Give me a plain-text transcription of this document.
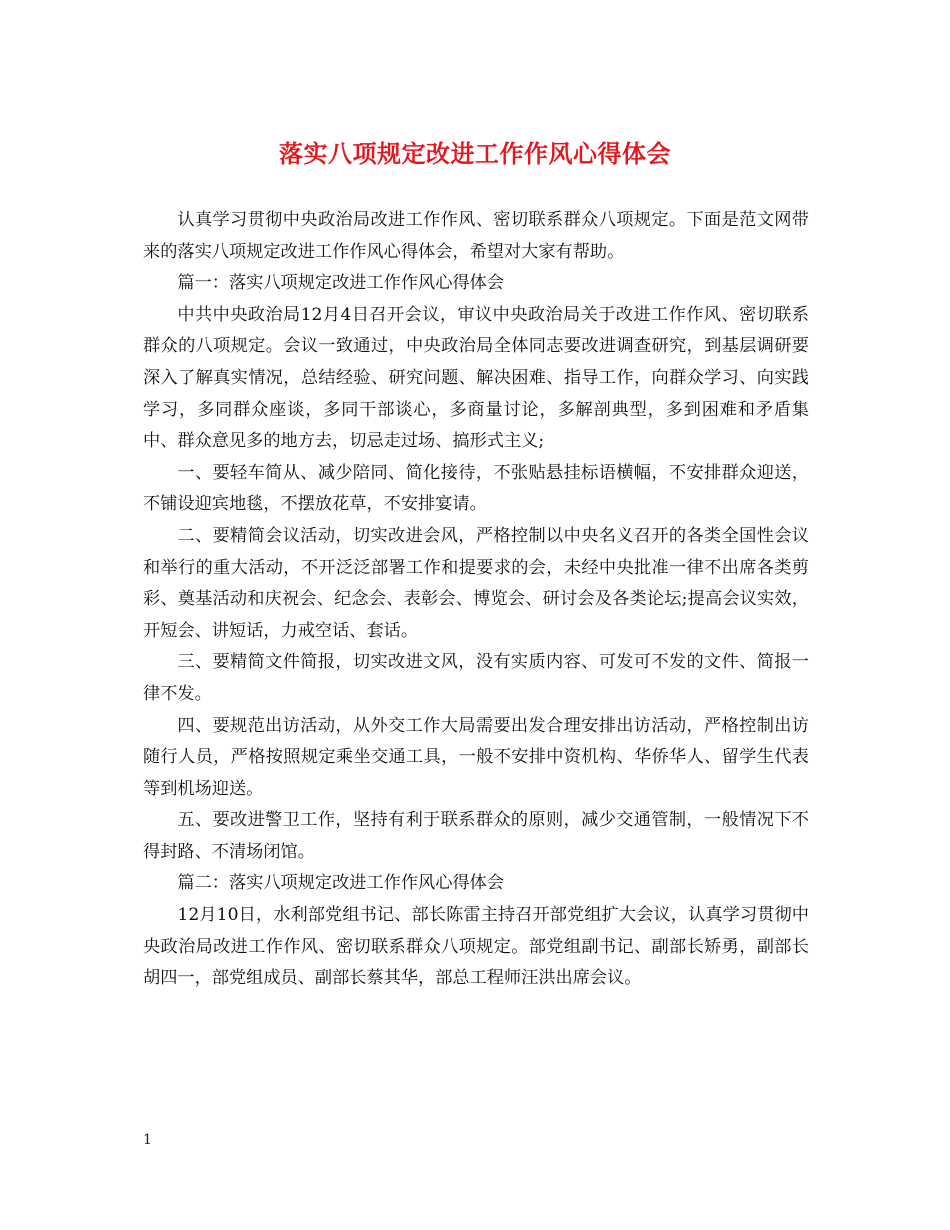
落实八项规定改进工作作风心得体会

认真学习贯彻中央政治局改进工作作风、密切联系群众八项规定。下面是范文网带来的落实八项规定改进工作作风心得体会，希望对大家有帮助。

篇一：落实八项规定改进工作作风心得体会

中共中央政治局12月4日召开会议，审议中央政治局关于改进工作作风、密切联系群众的八项规定。会议一致通过，中央政治局全体同志要改进调查研究，到基层调研要深入了解真实情况，总结经验、研究问题、解决困难、指导工作，向群众学习、向实践学习，多同群众座谈，多同干部谈心，多商量讨论，多解剖典型，多到困难和矛盾集中、群众意见多的地方去，切忌走过场、搞形式主义;

一、要轻车简从、减少陪同、简化接待，不张贴悬挂标语横幅，不安排群众迎送，不铺设迎宾地毯，不摆放花草，不安排宴请。

二、要精简会议活动，切实改进会风，严格控制以中央名义召开的各类全国性会议和举行的重大活动，不开泛泛部署工作和提要求的会，未经中央批准一律不出席各类剪彩、奠基活动和庆祝会、纪念会、表彰会、博览会、研讨会及各类论坛;提高会议实效，开短会、讲短话，力戒空话、套话。

三、要精简文件简报，切实改进文风，没有实质内容、可发可不发的文件、简报一律不发。

四、要规范出访活动，从外交工作大局需要出发合理安排出访活动，严格控制出访随行人员，严格按照规定乘坐交通工具，一般不安排中资机构、华侨华人、留学生代表等到机场迎送。

五、要改进警卫工作，坚持有利于联系群众的原则，减少交通管制，一般情况下不得封路、不清场闭馆。

篇二：落实八项规定改进工作作风心得体会

12月10日，水利部党组书记、部长陈雷主持召开部党组扩大会议，认真学习贯彻中央政治局改进工作作风、密切联系群众八项规定。部党组副书记、副部长矫勇，副部长胡四一，部党组成员、副部长蔡其华，部总工程师汪洪出席会议。

1
